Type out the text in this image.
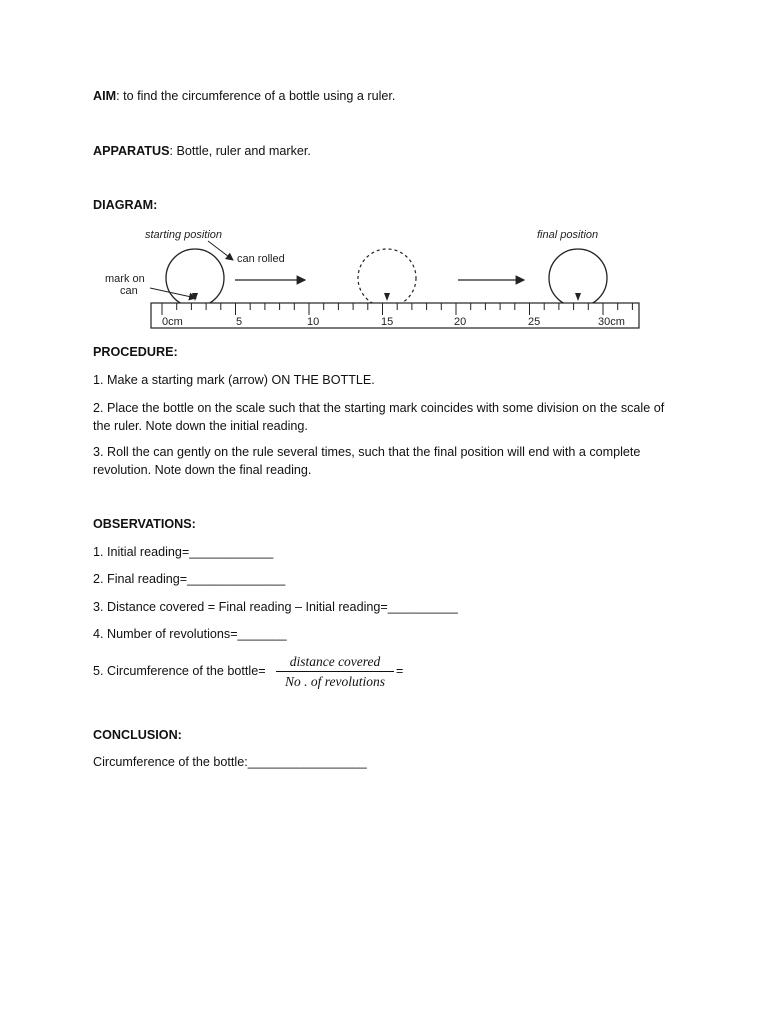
AIM: to find the circumference of a bottle using a ruler.
APPARATUS: Bottle, ruler and marker.
DIAGRAM:
starting position
can rolled
final position
mark on
can
0cm	5	10	15	20	25	30cm
PROCEDURE:
1. Make a starting mark (arrow) ON THE BOTTLE.
2. Place the bottle on the scale such that the starting mark coincides with some division on the scale of the ruler. Note down the initial reading.
3. Roll the can gently on the rule several times, such that the final position will end with a complete revolution. Note down the final reading.
OBSERVATIONS:
1. Initial reading=____________
2. Final reading=______________
3. Distance covered = Final reading – Initial reading=__________
4. Number of revolutions=_______
5. Circumference of the bottle=
distance covered
No . of revolutions
=
CONCLUSION:
Circumference of the bottle:_________________
